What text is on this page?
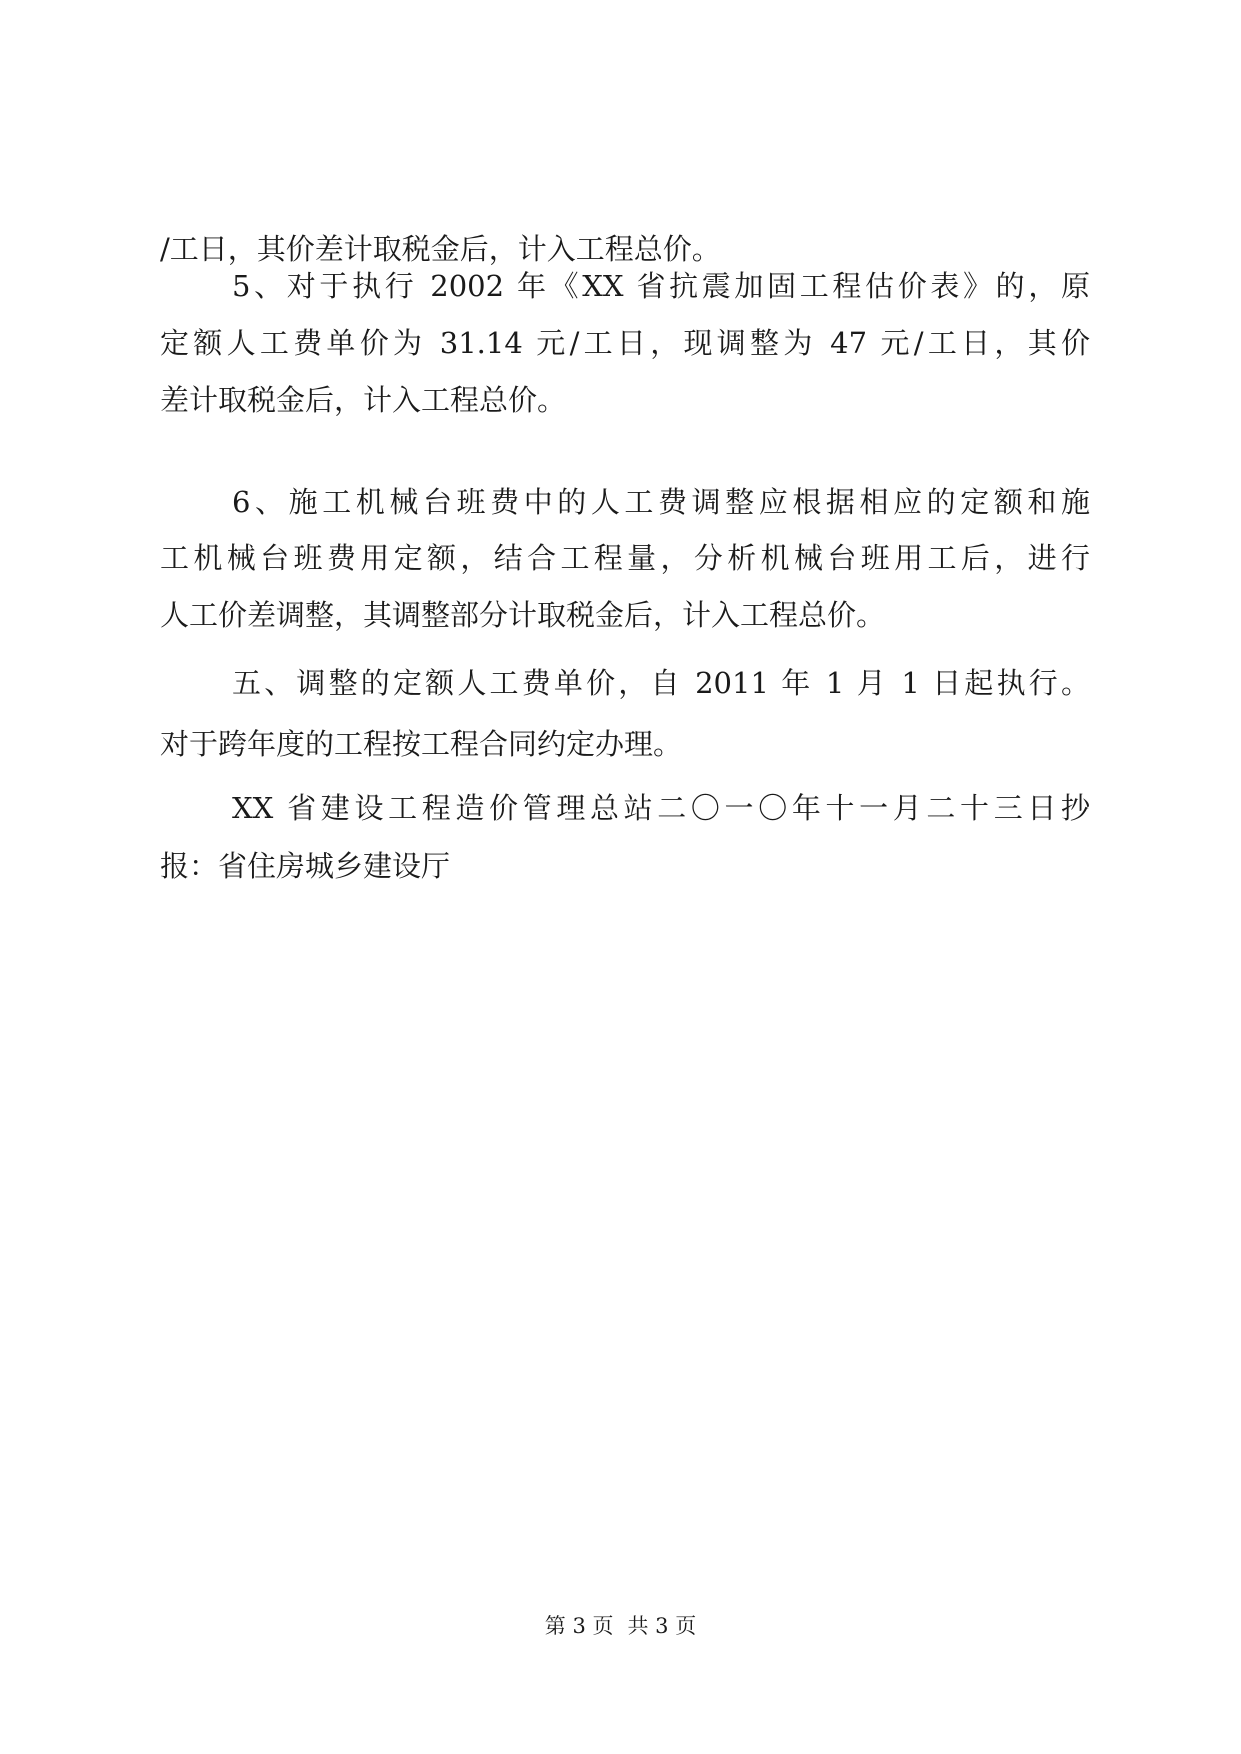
/工日，其价差计取税金后，计入工程总价。
5、对于执行 2002 年《XX 省抗震加固工程估价表》的，原
定额人工费单价为 31.14 元/工日，现调整为 47 元/工日，其价
差计取税金后，计入工程总价。
6、施工机械台班费中的人工费调整应根据相应的定额和施
工机械台班费用定额，结合工程量，分析机械台班用工后，进行
人工价差调整，其调整部分计取税金后，计入工程总价。
五、调整的定额人工费单价，自 2011 年 1 月 1 日起执行。
对于跨年度的工程按工程合同约定办理。
XX 省建设工程造价管理总站二〇一〇年十一月二十三日抄
报：省住房城乡建设厅
第 3 页 共 3 页
